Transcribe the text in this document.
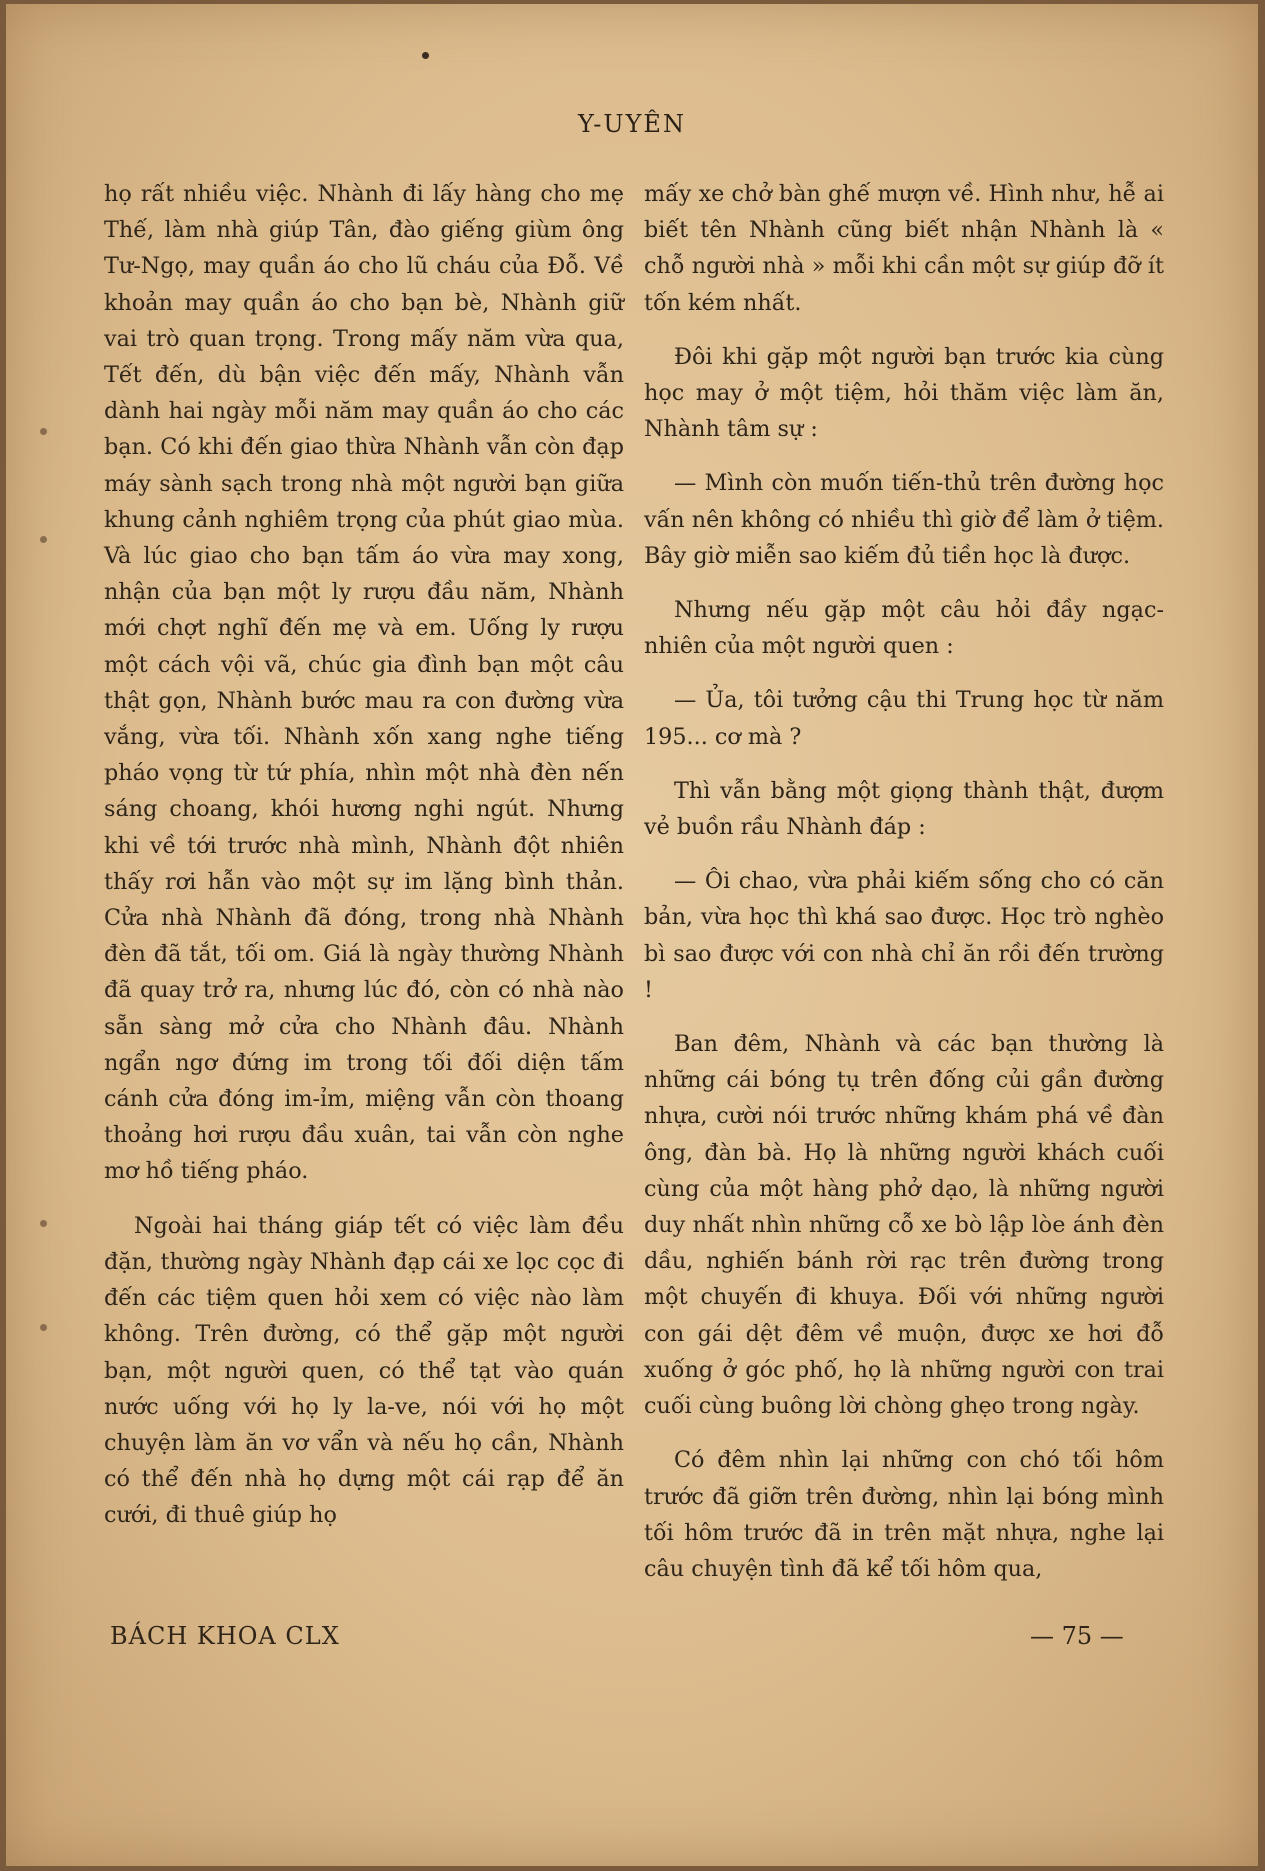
Y-UYÊN

họ rất nhiều việc. Nhành đi lấy hàng cho mẹ Thế, làm nhà giúp Tân, đào giếng giùm ông Tư-Ngọ, may quần áo cho lũ cháu của Đỗ. Về khoản may quần áo cho bạn bè, Nhành giữ vai trò quan trọng. Trong mấy năm vừa qua, Tết đến, dù bận việc đến mấy, Nhành vẫn dành hai ngày mỗi năm may quần áo cho các bạn. Có khi đến giao thừa Nhành vẫn còn đạp máy sành sạch trong nhà một người bạn giữa khung cảnh nghiêm trọng của phút giao mùa. Và lúc giao cho bạn tấm áo vừa may xong, nhận của bạn một ly rượu đầu năm, Nhành mới chợt nghĩ đến mẹ và em. Uống ly rượu một cách vội vã, chúc gia đình bạn một câu thật gọn, Nhành bước mau ra con đường vừa vắng, vừa tối. Nhành xốn xang nghe tiếng pháo vọng từ tứ phía, nhìn một nhà đèn nến sáng choang, khói hương nghi ngút. Nhưng khi về tới trước nhà mình, Nhành đột nhiên thấy rơi hẫn vào một sự im lặng bình thản. Cửa nhà Nhành đã đóng, trong nhà Nhành đèn đã tắt, tối om. Giá là ngày thường Nhành đã quay trở ra, nhưng lúc đó, còn có nhà nào sẵn sàng mở cửa cho Nhành đâu. Nhành ngẩn ngơ đứng im trong tối đối diện tấm cánh cửa đóng im-ỉm, miệng vẫn còn thoang thoảng hơi rượu đầu xuân, tai vẫn còn nghe mơ hồ tiếng pháo.

Ngoài hai tháng giáp tết có việc làm đều đặn, thường ngày Nhành đạp cái xe lọc cọc đi đến các tiệm quen hỏi xem có việc nào làm không. Trên đường, có thể gặp một người bạn, một người quen, có thể tạt vào quán nước uống với họ ly la-ve, nói với họ một chuyện làm ăn vơ vẩn và nếu họ cần, Nhành có thể đến nhà họ dựng một cái rạp để ăn cưới, đi thuê giúp họ

mấy xe chở bàn ghế mượn về. Hình như, hễ ai biết tên Nhành cũng biết nhận Nhành là « chỗ người nhà » mỗi khi cần một sự giúp đỡ ít tốn kém nhất.

Đôi khi gặp một người bạn trước kia cùng học may ở một tiệm, hỏi thăm việc làm ăn, Nhành tâm sự :

— Mình còn muốn tiến-thủ trên đường học vấn nên không có nhiều thì giờ để làm ở tiệm. Bây giờ miễn sao kiếm đủ tiền học là được.

Nhưng nếu gặp một câu hỏi đầy ngạc-nhiên của một người quen :

— Ủa, tôi tưởng cậu thi Trung học từ năm 195... cơ mà ?

Thì vẫn bằng một giọng thành thật, đượm vẻ buồn rầu Nhành đáp :

— Ôi chao, vừa phải kiếm sống cho có căn bản, vừa học thì khá sao được. Học trò nghèo bì sao được với con nhà chỉ ăn rồi đến trường !

Ban đêm, Nhành và các bạn thường là những cái bóng tụ trên đống củi gần đường nhựa, cười nói trước những khám phá về đàn ông, đàn bà. Họ là những người khách cuối cùng của một hàng phở dạo, là những người duy nhất nhìn những cỗ xe bò lập lòe ánh đèn dầu, nghiến bánh rời rạc trên đường trong một chuyến đi khuya. Đối với những người con gái dệt đêm về muộn, được xe hơi đỗ xuống ở góc phố, họ là những người con trai cuối cùng buông lời chòng ghẹo trong ngày.

Có đêm nhìn lại những con chó tối hôm trước đã giỡn trên đường, nhìn lại bóng mình tối hôm trước đã in trên mặt nhựa, nghe lại câu chuyện tình đã kể tối hôm qua,

BÁCH KHOA CLX	— 75 —
